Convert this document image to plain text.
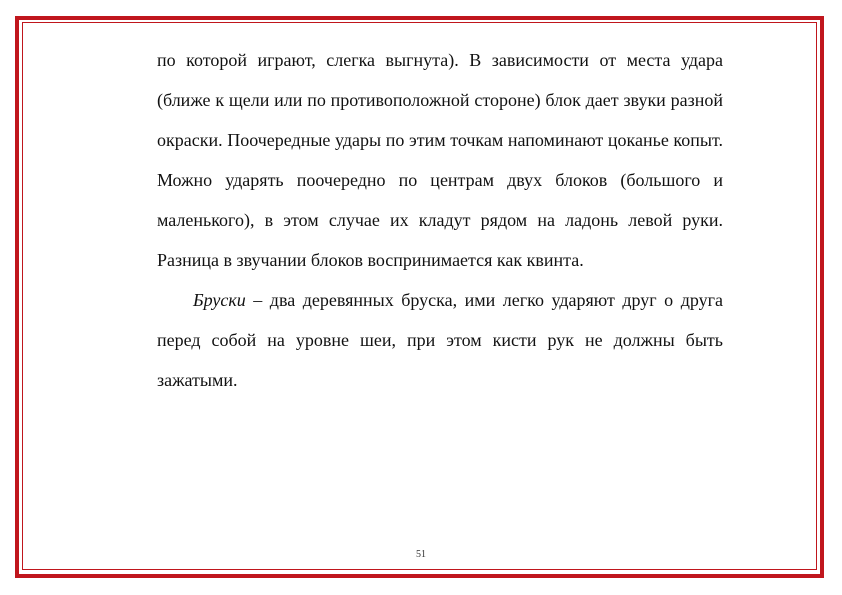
по которой играют, слегка выгнута). В зависимости от места удара (ближе к щели или по противоположной стороне) блок дает звуки разной окраски. Поочередные удары по этим точкам напоминают цоканье копыт. Можно ударять поочередно по центрам двух блоков (большого и маленького), в этом случае их кладут рядом на ладонь левой руки. Разница в звучании блоков воспринимается как квинта.

Бруски – два деревянных бруска, ими легко ударяют друг о друга перед собой на уровне шеи, при этом кисти рук не должны быть зажатыми.

51
